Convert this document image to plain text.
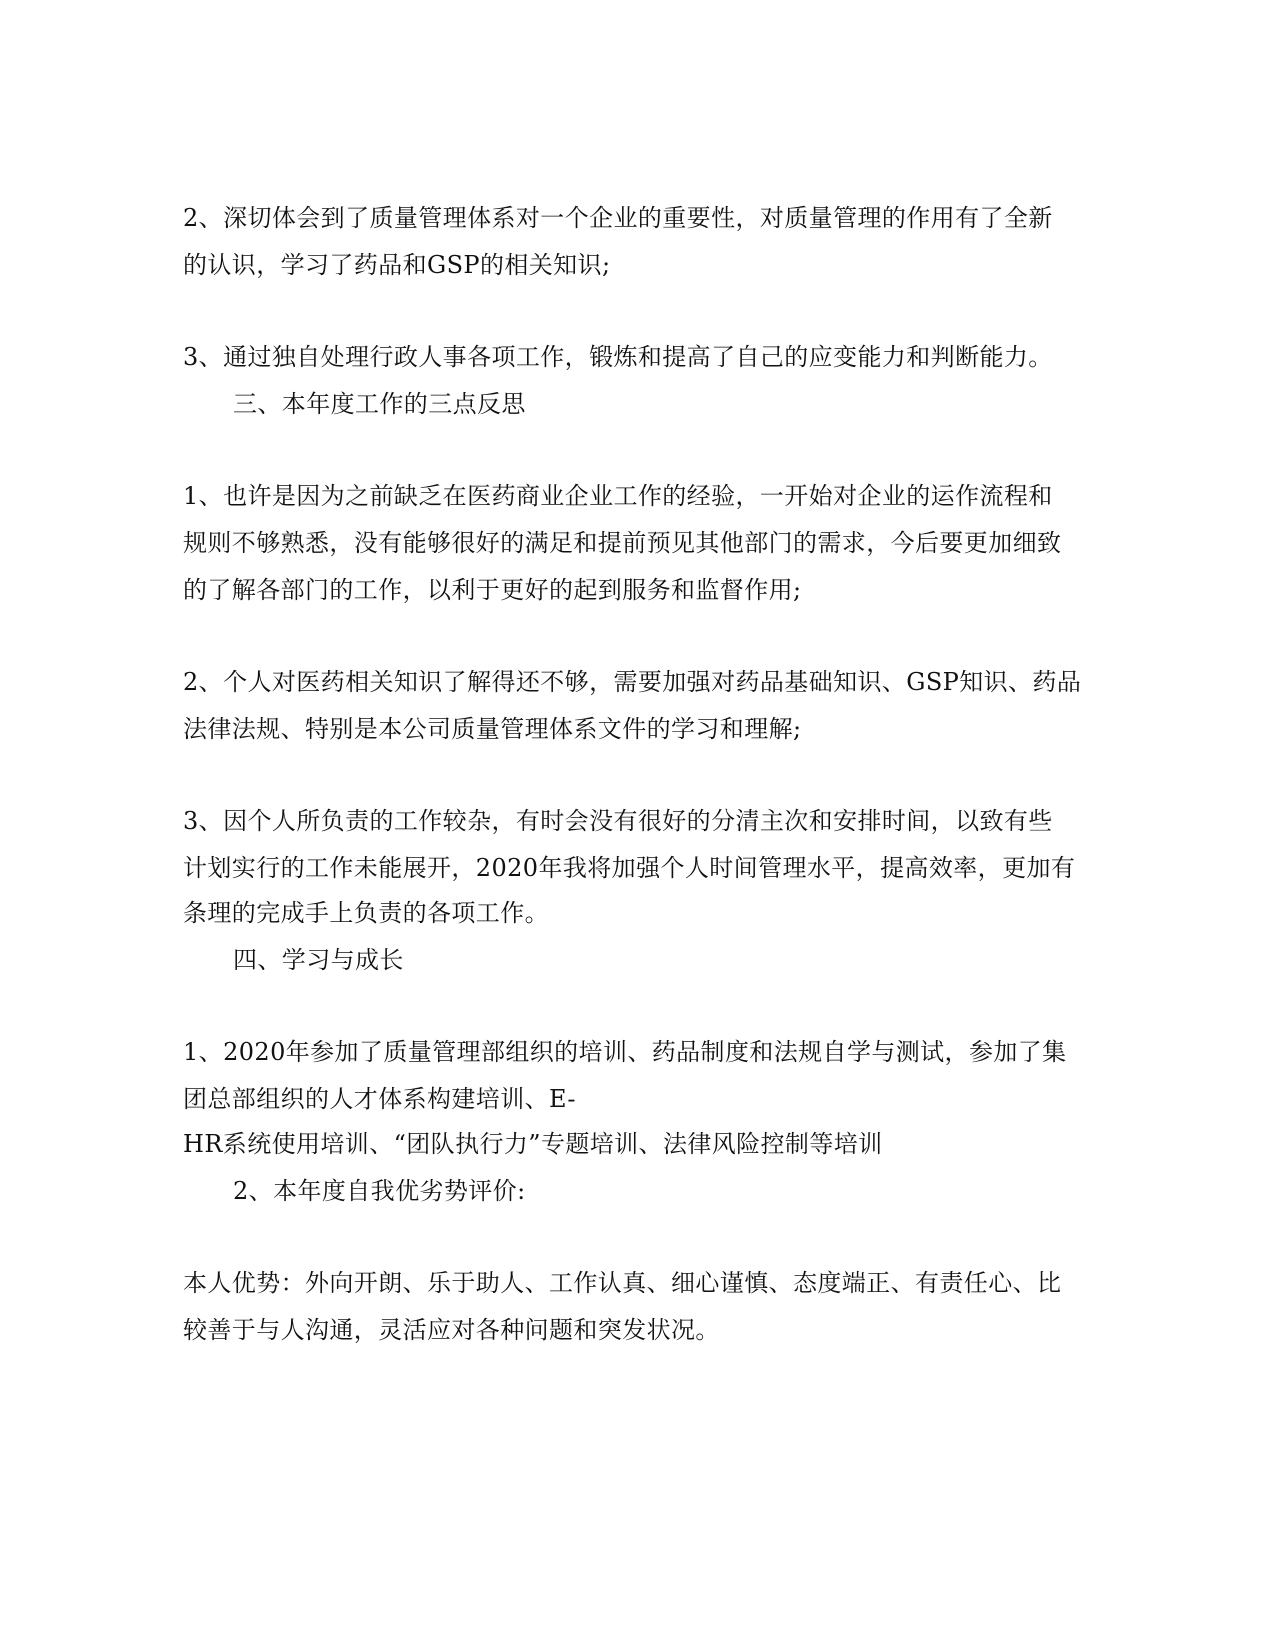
2、深切体会到了质量管理体系对一个企业的重要性，对质量管理的作用有了全新
的认识，学习了药品和GSP的相关知识;
3、通过独自处理行政人事各项工作，锻炼和提高了自己的应变能力和判断能力。
三、本年度工作的三点反思
1、也许是因为之前缺乏在医药商业企业工作的经验，一开始对企业的运作流程和
规则不够熟悉，没有能够很好的满足和提前预见其他部门的需求，今后要更加细致
的了解各部门的工作，以利于更好的起到服务和监督作用;
2、个人对医药相关知识了解得还不够，需要加强对药品基础知识、GSP知识、药品
法律法规、特别是本公司质量管理体系文件的学习和理解;
3、因个人所负责的工作较杂，有时会没有很好的分清主次和安排时间，以致有些
计划实行的工作未能展开，2020年我将加强个人时间管理水平，提高效率，更加有
条理的完成手上负责的各项工作。
四、学习与成长
1、2020年参加了质量管理部组织的培训、药品制度和法规自学与测试，参加了集
团总部组织的人才体系构建培训、E-
HR系统使用培训、“团队执行力”专题培训、法律风险控制等培训
2、本年度自我优劣势评价:
本人优势：外向开朗、乐于助人、工作认真、细心谨慎、态度端正、有责任心、比
较善于与人沟通，灵活应对各种问题和突发状况。
